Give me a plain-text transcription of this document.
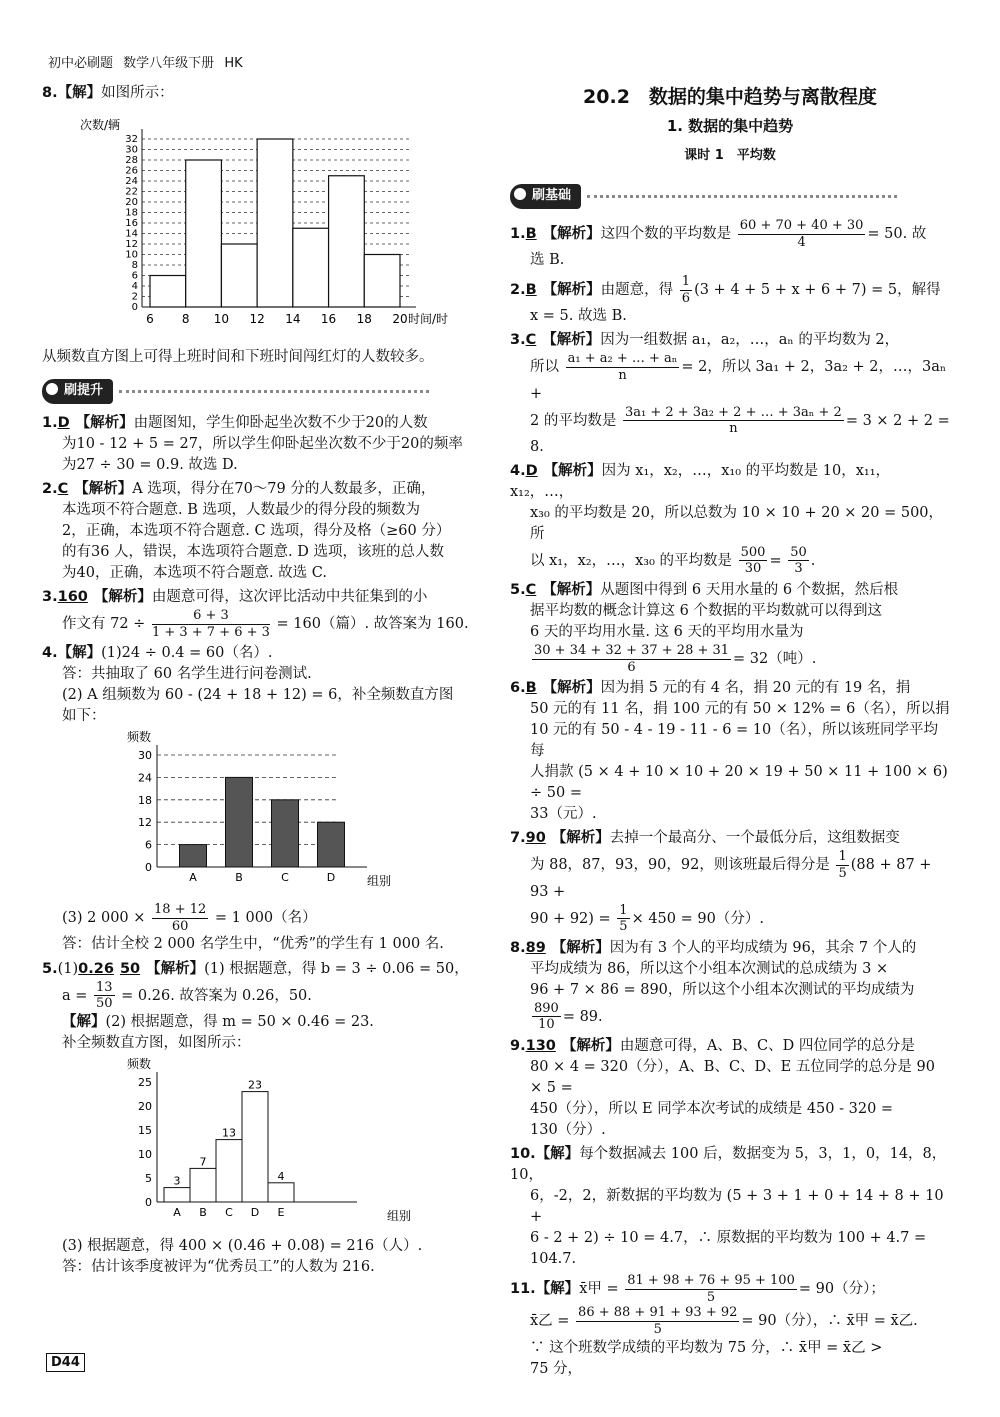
初中必刷题 数学八年级下册 HK
8.【解】如图所示：
次数/辆
0
2
4
6
8
10
12
14
16
18
20
22
24
26
28
30
32
6 8 10 12 14 16 18 20 时间/时
从频数直方图上可得上班时间和下班时间闯红灯的人数较多。
刷提升
1.D 【解析】由题图知，学生仰卧起坐次数不少于20的人数
为10 - 12 + 5 = 27，所以学生仰卧起坐次数不少于20的频率
为27 ÷ 30 = 0.9. 故选 D.
2.C 【解析】A 选项，得分在70～79 分的人数最多，正确，
本选项不符合题意. B 选项，人数最少的得分段的频数为
2，正确，本选项不符合题意. C 选项，得分及格（≥60 分）
的有36 人，错误，本选项符合题意. D 选项，该班的总人数
为40，正确，本选项不符合题意. 故选 C.
3.160 【解析】由题意可得，这次评比活动中共征集到的小
作文有 $72 \div \frac{6 + 3}{1 + 3 + 7 + 6 + 3} = 160$（篇）. 故答案为 160.
4.【解】(1)24 ÷ 0.4 = 60（名）.
答：共抽取了 60 名学生进行问卷测试.
(2) A 组频数为 60 - (24 + 18 + 12) = 6，补全频数直方图
如下：
频数
0
6
12
18
24
30
A	B	C	D	组别
(3) 2 $000 \times \frac{18 + 12}{60} = 1$ 000（名）
答：估计全校 2 000 名学生中，“优秀”的学生有 1 000 名.
5.(1)0.26 50 【解析】(1) 根据题意，得 b = 3 ÷ 0.06 = 50，
$a = \frac{13}{50} = 0.26$. 故答案为 0.26，50.
【解】(2) 根据题意，得 m = 50 × 0.46 = 23.
补全频数直方图，如图所示：
频数
0
5
10
15
20
25
A
3
B
7
C
13
D
23
E
4
组别
(3) 根据题意，得 400 × (0.46 + 0.08) = 216（人）.
答：估计该季度被评为“优秀员工”的人数为 216.
20.2　数据的集中趋势与离散程度
1. 数据的集中趋势
课时 1　平均数
刷基础
1.B 【解析】这四个数的平均数是 $\frac{60 + 70 + 40 + 30}{4} = 50$. 故
选 B.
2.B 【解析】由题意，得 $\frac{1}{6} (3 + 4 + 5 + x + 6 + 7) = 5$，解得
x = 5. 故选 B.
3.C 【解析】因为一组数据 a₁，a₂，…，aₙ 的平均数为 2，
所以 $\frac{\text{a₁ + a₂ + … + aₙ}}{n} = 2$，所以 3a₁ + 2，3a₂ + 2，…，3aₙ +
2 的平均数是 $\frac{\text{3a₁ + 2 + 3a₂ + 2 + … + 3aₙ + 2}}{n} = 3 \times 2 + 2 = 8$.
4.D 【解析】因为 x₁，x₂，…，x₁₀ 的平均数是 10，x₁₁，x₁₂，…，
x₃₀ 的平均数是 20，所以总数为 10 × 10 + 20 × 20 = 500，所
以 x₁，x₂，…，x₃₀ 的平均数是 $\frac{500}{30} = \frac{50}{3}$ .
5.C 【解析】从题图中得到 6 天用水量的 6 个数据，然后根
据平均数的概念计算这 6 个数据的平均数就可以得到这
6 天的平均用水量. 这 6 天的平均用水量为
$\frac{30 + 34 + 32 + 37 + 28 + 31}{6} = 32$（吨）.
6.B 【解析】因为捐 5 元的有 4 名，捐 20 元的有 19 名，捐
50 元的有 11 名，捐 100 元的有 50 × 12% = 6（名），所以捐
10 元的有 50 - 4 - 19 - 11 - 6 = 10（名），所以该班同学平均每
人捐款 (5 × 4 + 10 × 10 + 20 × 19 + 50 × 11 + 100 × 6) ÷ 50 =
33（元）.
7.90 【解析】去掉一个最高分、一个最低分后，这组数据变
为 88，87，93，90，92，则该班最后得分是 $\frac{1}{5} (88 + 87 + 93$ +
$90 + 92) = \frac{1}{5} \times 450 = 90$（分）.
8.89 【解析】因为有 3 个人的平均成绩为 96，其余 7 个人的
平均成绩为 86，所以这个小组本次测试的总成绩为 3 ×
96 + 7 × 86 = 890，所以这个小组本次测试的平均成绩为
$\frac{890}{10} = 89$.
9.130 【解析】由题意可得，A、B、C、D 四位同学的总分是
80 × 4 = 320（分），A、B、C、D、E 五位同学的总分是 90 × 5 =
450（分），所以 E 同学本次考试的成绩是 450 - 320 =
130（分）.
10.【解】每个数据减去 100 后，数据变为 5，3，1，0，14，8，10，
6，-2，2，新数据的平均数为 (5 + 3 + 1 + 0 + 14 + 8 + 10 +
6 - 2 + 2) ÷ 10 = 4.7，∴ 原数据的平均数为 100 + 4.7 =
104.7.
11.【解】x̄甲 = $\frac{81 + 98 + 76 + 95 + 100}{5} = 90$（分）；
x̄乙 = $\frac{86 + 88 + 91 + 93 + 92}{5} = 90$（分），∴ x̄甲 = x̄乙.
∵ 这个班数学成绩的平均数为 75 分，∴ x̄甲 = x̄乙 >
75 分，
D44
